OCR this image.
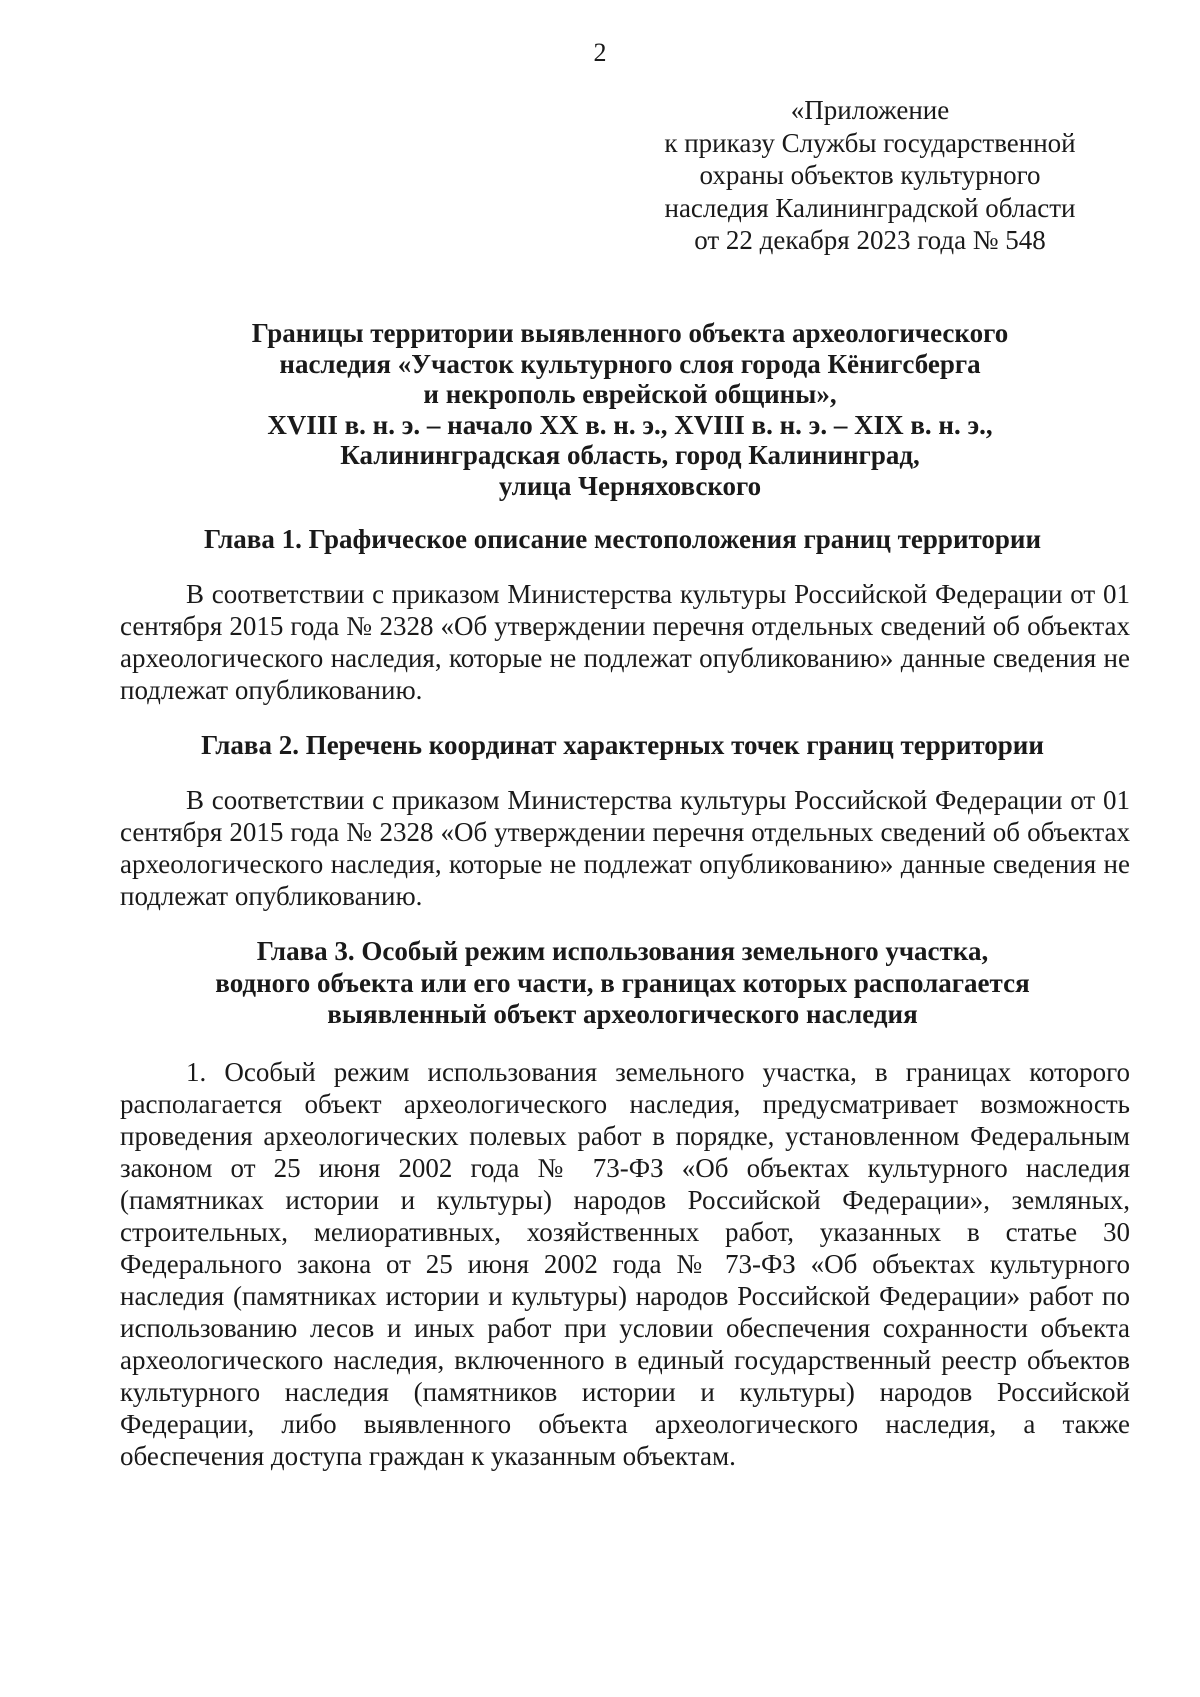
2
«Приложение
к приказу Службы государственной
охраны объектов культурного
наследия Калининградской области
от 22 декабря 2023 года № 548
Границы территории выявленного объекта археологического
наследия «Участок культурного слоя города Кёнигсберга
и некрополь еврейской общины»,
XVIII в. н. э. – начало XX в. н. э., XVIII в. н. э. – XIX в. н. э.,
Калининградская область, город Калининград,
улица Черняховского
Глава 1. Графическое описание местоположения границ территории
В соответствии с приказом Министерства культуры Российской Федерации от 01 сентября 2015 года № 2328 «Об утверждении перечня отдельных сведений об объектах археологического наследия, которые не подлежат опубликованию» данные сведения не подлежат опубликованию.
Глава 2. Перечень координат характерных точек границ территории
В соответствии с приказом Министерства культуры Российской Федерации от 01 сентября 2015 года № 2328 «Об утверждении перечня отдельных сведений об объектах археологического наследия, которые не подлежат опубликованию» данные сведения не подлежат опубликованию.
Глава 3. Особый режим использования земельного участка,
водного объекта или его части, в границах которых располагается
выявленный объект археологического наследия
1. Особый режим использования земельного участка, в границах которого располагается объект археологического наследия, предусматривает возможность проведения археологических полевых работ в порядке, установленном Федеральным законом от 25 июня 2002 года № 73-ФЗ «Об объектах культурного наследия (памятниках истории и культуры) народов Российской Федерации», земляных, строительных, мелиоративных, хозяйственных работ, указанных в статье 30 Федерального закона от 25 июня 2002 года № 73-ФЗ «Об объектах культурного наследия (памятниках истории и культуры) народов Российской Федерации» работ по использованию лесов и иных работ при условии обеспечения сохранности объекта археологического наследия, включенного в единый государственный реестр объектов культурного наследия (памятников истории и культуры) народов Российской Федерации, либо выявленного объекта археологического наследия, а также обеспечения доступа граждан к указанным объектам.
